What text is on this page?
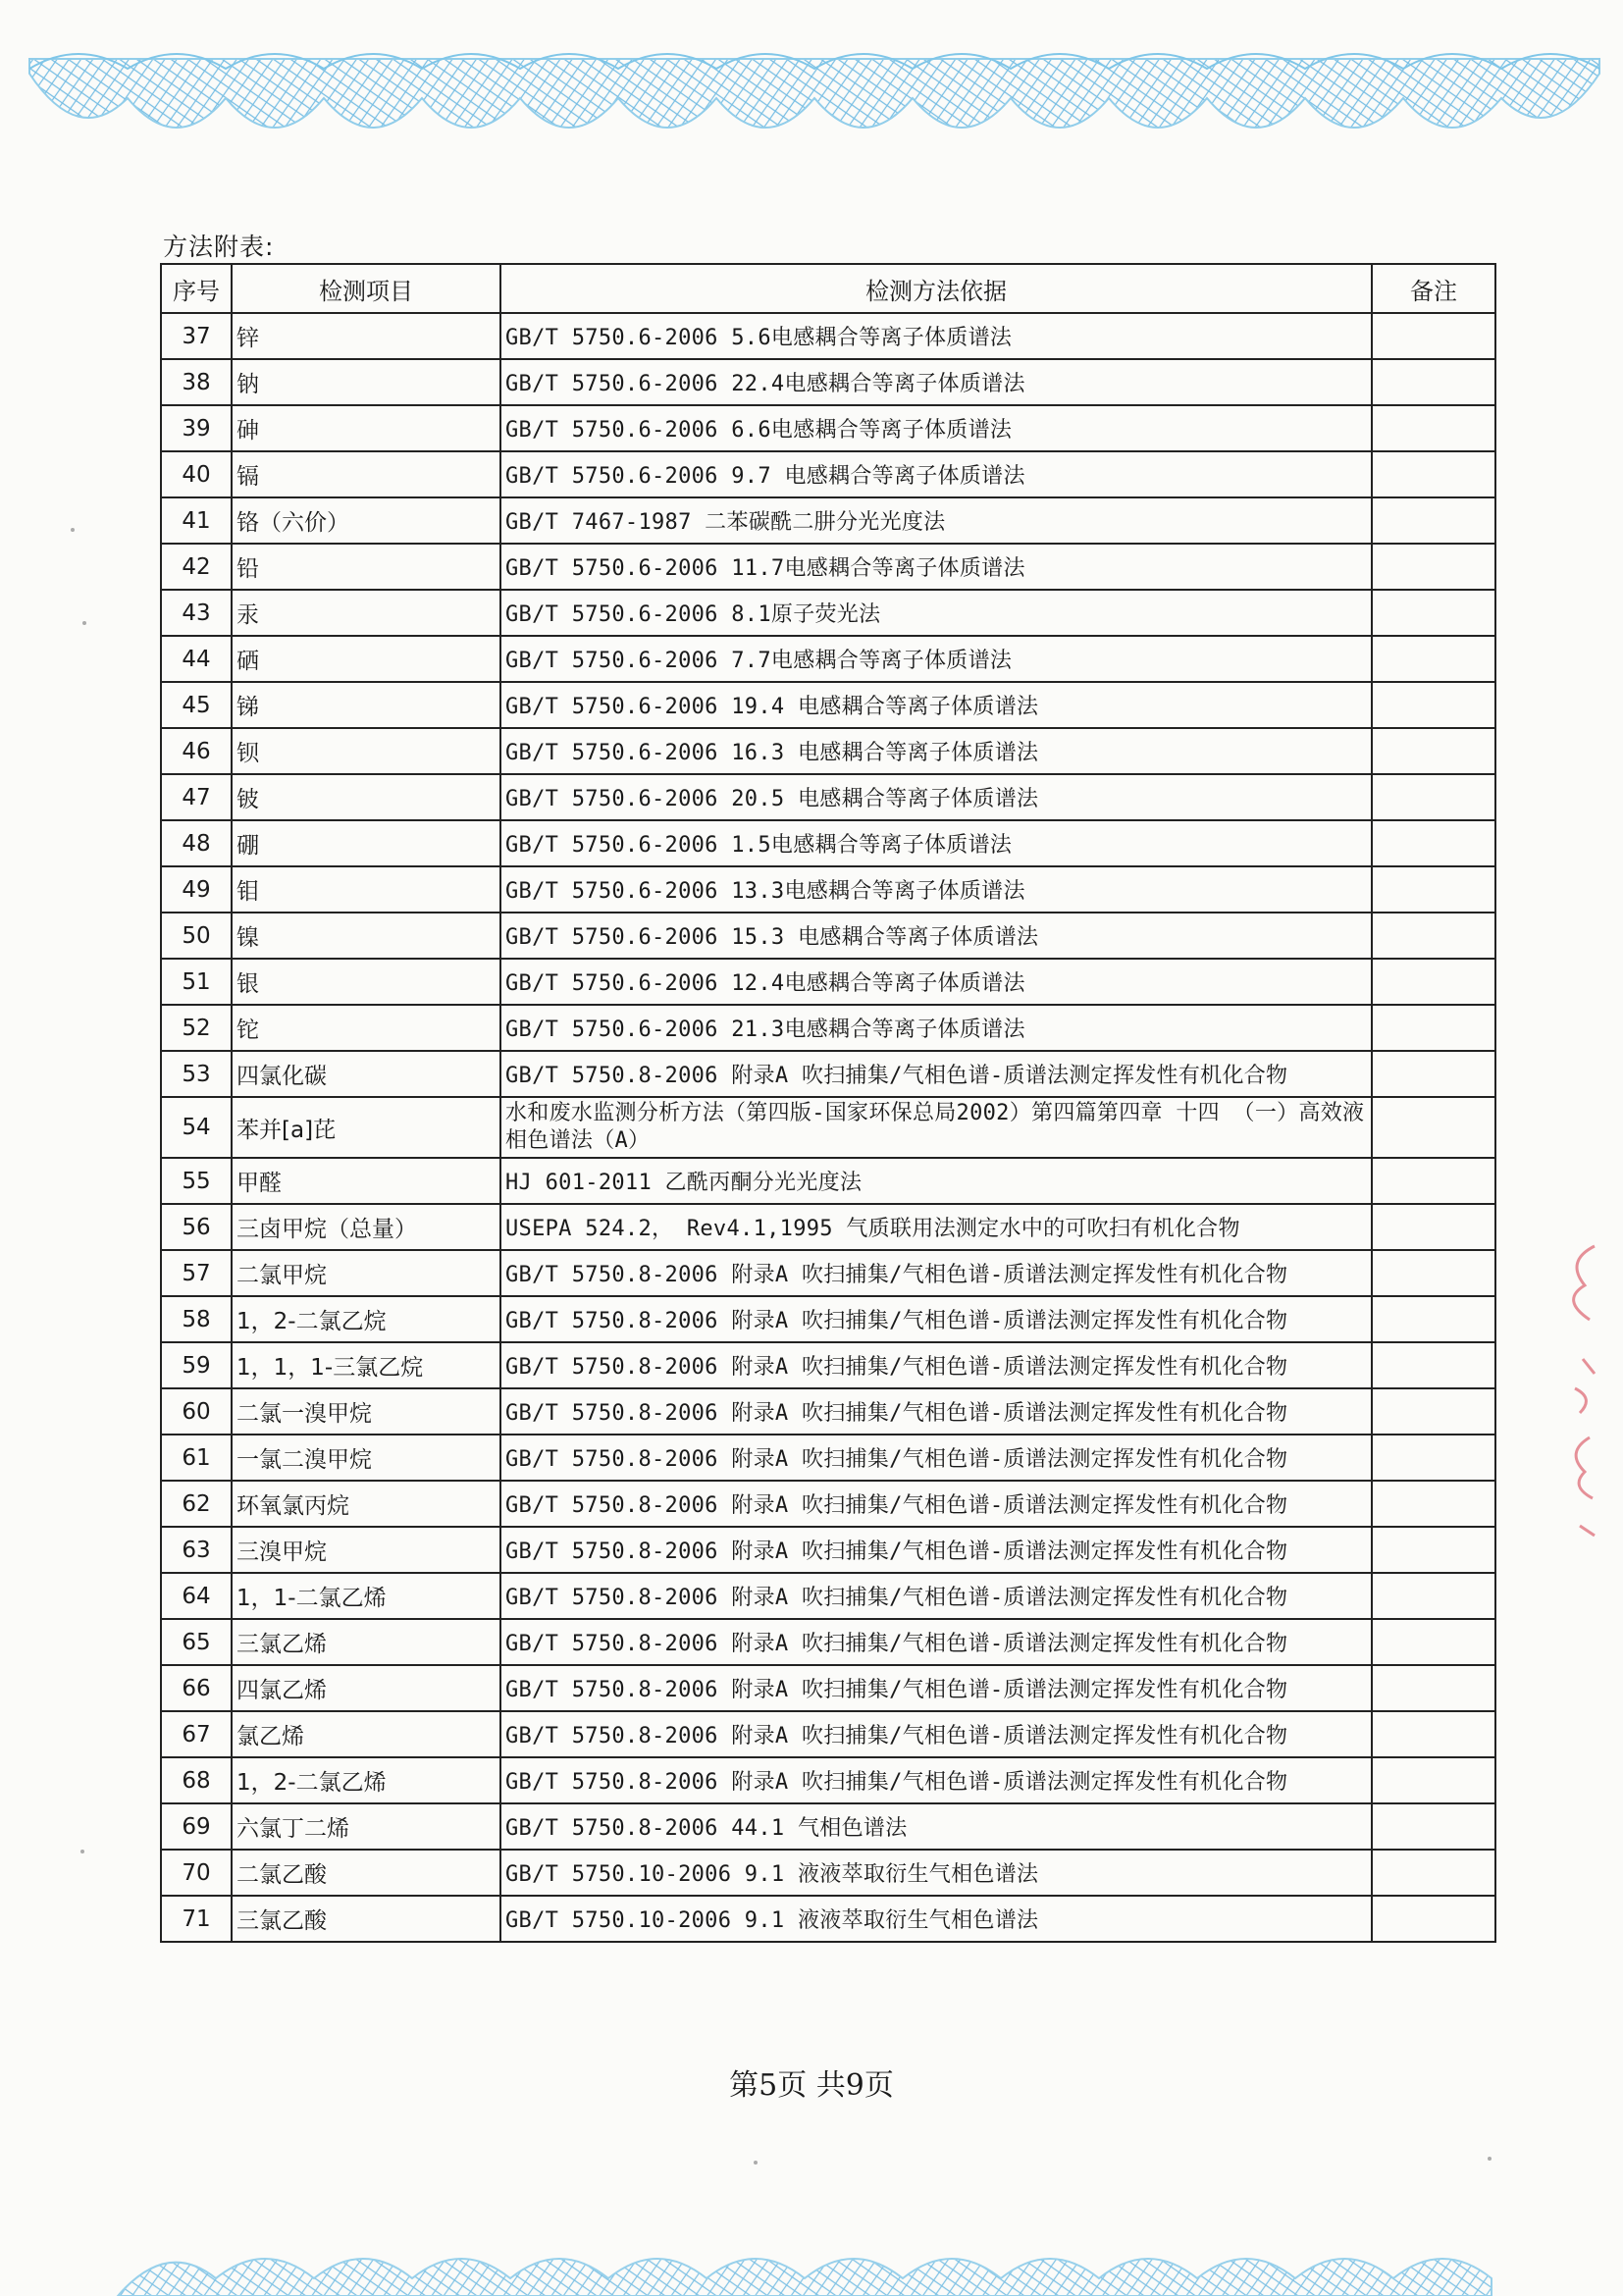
方法附表:
序号	检测项目	检测方法依据	备注
37	锌	GB/T 5750.6-2006 5.6电感耦合等离子体质谱法	
38	钠	GB/T 5750.6-2006 22.4电感耦合等离子体质谱法	
39	砷	GB/T 5750.6-2006 6.6电感耦合等离子体质谱法	
40	镉	GB/T 5750.6-2006 9.7 电感耦合等离子体质谱法	
41	铬（六价）	GB/T 7467-1987 二苯碳酰二肼分光光度法	
42	铅	GB/T 5750.6-2006 11.7电感耦合等离子体质谱法	
43	汞	GB/T 5750.6-2006 8.1原子荧光法	
44	硒	GB/T 5750.6-2006 7.7电感耦合等离子体质谱法	
45	锑	GB/T 5750.6-2006 19.4 电感耦合等离子体质谱法	
46	钡	GB/T 5750.6-2006 16.3 电感耦合等离子体质谱法	
47	铍	GB/T 5750.6-2006 20.5 电感耦合等离子体质谱法	
48	硼	GB/T 5750.6-2006 1.5电感耦合等离子体质谱法	
49	钼	GB/T 5750.6-2006 13.3电感耦合等离子体质谱法	
50	镍	GB/T 5750.6-2006 15.3 电感耦合等离子体质谱法	
51	银	GB/T 5750.6-2006 12.4电感耦合等离子体质谱法	
52	铊	GB/T 5750.6-2006 21.3电感耦合等离子体质谱法	
53	四氯化碳	GB/T 5750.8-2006 附录A 吹扫捕集/气相色谱-质谱法测定挥发性有机化合物	
54	苯并[a]芘	水和废水监测分析方法（第四版-国家环保总局2002）第四篇第四章 十四 （一）高效液相色谱法（A）	
55	甲醛	HJ 601-2011 乙酰丙酮分光光度法	
56	三卤甲烷（总量）	USEPA 524.2， Rev4.1,1995 气质联用法测定水中的可吹扫有机化合物	
57	二氯甲烷	GB/T 5750.8-2006 附录A 吹扫捕集/气相色谱-质谱法测定挥发性有机化合物	
58	1，2-二氯乙烷	GB/T 5750.8-2006 附录A 吹扫捕集/气相色谱-质谱法测定挥发性有机化合物	
59	1，1，1-三氯乙烷	GB/T 5750.8-2006 附录A 吹扫捕集/气相色谱-质谱法测定挥发性有机化合物	
60	二氯一溴甲烷	GB/T 5750.8-2006 附录A 吹扫捕集/气相色谱-质谱法测定挥发性有机化合物	
61	一氯二溴甲烷	GB/T 5750.8-2006 附录A 吹扫捕集/气相色谱-质谱法测定挥发性有机化合物	
62	环氧氯丙烷	GB/T 5750.8-2006 附录A 吹扫捕集/气相色谱-质谱法测定挥发性有机化合物	
63	三溴甲烷	GB/T 5750.8-2006 附录A 吹扫捕集/气相色谱-质谱法测定挥发性有机化合物	
64	1，1-二氯乙烯	GB/T 5750.8-2006 附录A 吹扫捕集/气相色谱-质谱法测定挥发性有机化合物	
65	三氯乙烯	GB/T 5750.8-2006 附录A 吹扫捕集/气相色谱-质谱法测定挥发性有机化合物	
66	四氯乙烯	GB/T 5750.8-2006 附录A 吹扫捕集/气相色谱-质谱法测定挥发性有机化合物	
67	氯乙烯	GB/T 5750.8-2006 附录A 吹扫捕集/气相色谱-质谱法测定挥发性有机化合物	
68	1，2-二氯乙烯	GB/T 5750.8-2006 附录A 吹扫捕集/气相色谱-质谱法测定挥发性有机化合物	
69	六氯丁二烯	GB/T 5750.8-2006 44.1 气相色谱法	
70	二氯乙酸	GB/T 5750.10-2006 9.1 液液萃取衍生气相色谱法	
71	三氯乙酸	GB/T 5750.10-2006 9.1 液液萃取衍生气相色谱法	
第5页 共9页
